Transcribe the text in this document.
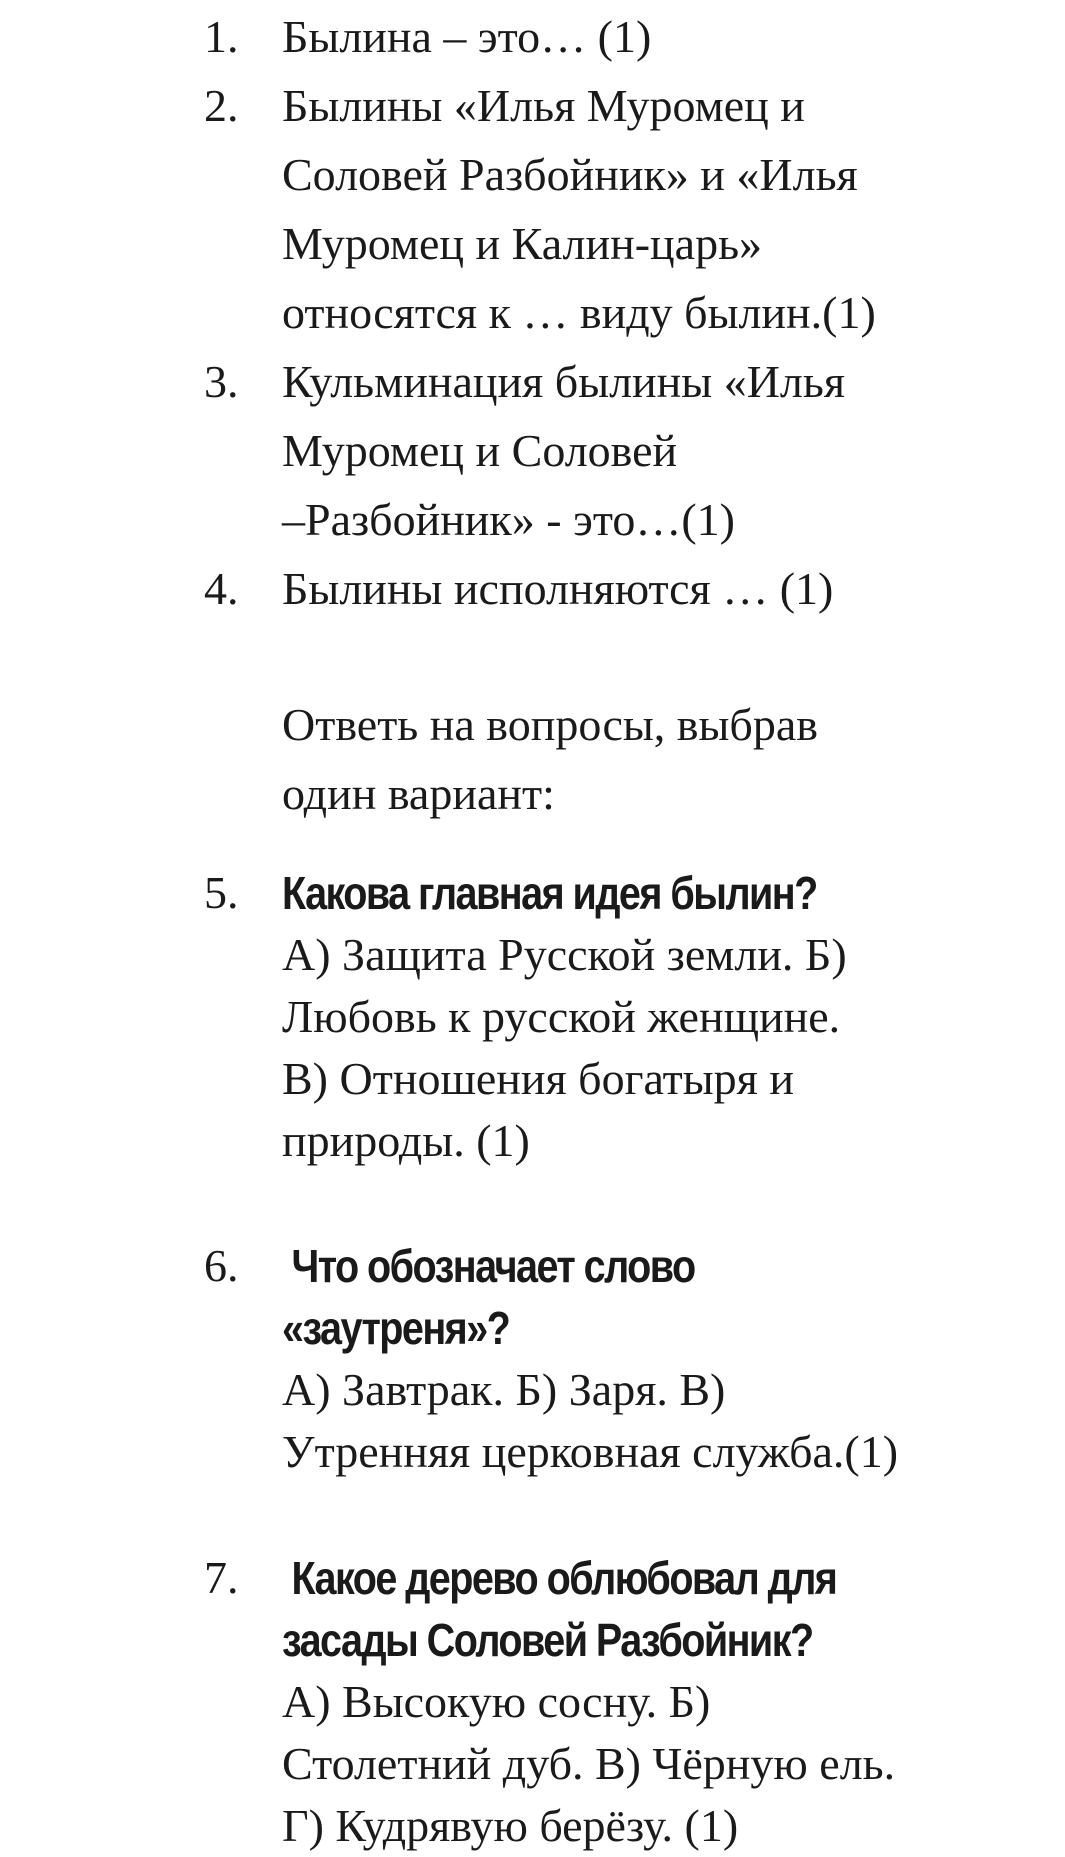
1. Былина – это… (1)
2. Былины «Илья Муромец и
Соловей Разбойник» и «Илья
Муромец и Калин-царь»
относятся к … виду былин.(1)
3. Кульминация былины «Илья
Муромец и Соловей
–Разбойник» - это…(1)
4. Былины исполняются … (1)
Ответь на вопросы, выбрав
один вариант:
5. Какова главная идея былин?
А) Защита Русской земли. Б)
Любовь к русской женщине.
В) Отношения богатыря и
природы. (1)
6. Что обозначает слово
«заутреня»?
А) Завтрак. Б) Заря. В)
Утренняя церковная служба.(1)
7. Какое дерево облюбовал для
засады Соловей Разбойник?
А) Высокую сосну. Б)
Столетний дуб. В) Чёрную ель.
Г) Кудрявую берёзу. (1)
